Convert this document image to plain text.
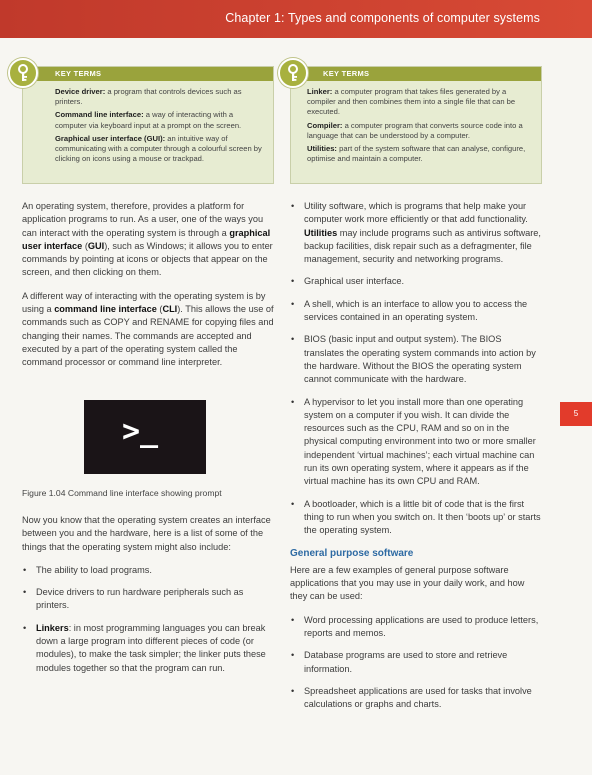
Chapter 1: Types and components of computer systems
KEY TERMS

Device driver: a program that controls devices such as printers.

Command line interface: a way of interacting with a computer via keyboard input at a prompt on the screen.

Graphical user interface (GUI): an intuitive way of communicating with a computer through a colourful screen by clicking on icons using a mouse or trackpad.

KEY TERMS

Linker: a computer program that takes files generated by a compiler and then combines them into a single file that can be executed.

Compiler: a computer program that converts source code into a language that can be understood by a computer.

Utilities: part of the system software that can analyse, configure, optimise and maintain a computer.

An operating system, therefore, provides a platform for application programs to run. As a user, one of the ways you can interact with the operating system is through a graphical user interface (GUI), such as Windows; it allows you to enter commands by pointing at icons or objects that appear on the screen, and then clicking on them.

A different way of interacting with the operating system is by using a command line interface (CLI). This allows the use of commands such as COPY and RENAME for copying files and changing their names. The commands are accepted and executed by a part of the operating system called the command processor or command line interpreter.

>_
Figure 1.04 Command line interface showing prompt

Now you know that the operating system creates an interface between you and the hardware, here is a list of some of the things that the operating system might also include:

• The ability to load programs.
• Device drivers to run hardware peripherals such as printers.
• Linkers: in most programming languages you can break down a large program into different pieces of code (or modules), to make the task simpler; the linker puts these modules together so that the program can run.
• Utility software, which is programs that help make your computer work more efficiently or that add functionality. Utilities may include programs such as antivirus software, backup facilities, disk repair such as a defragmenter, file management, security and networking programs.
• Graphical user interface.
• A shell, which is an interface to allow you to access the services contained in an operating system.
• BIOS (basic input and output system). The BIOS translates the operating system commands into action by the hardware. Without the BIOS the operating system cannot communicate with the hardware.
• A hypervisor to let you install more than one operating system on a computer if you wish. It can divide the resources such as the CPU, RAM and so on in the physical computing environment into two or more smaller independent ‘virtual machines’; each virtual machine can run its own operating system, where it appears as if the virtual machine has its own CPU and RAM.
• A bootloader, which is a little bit of code that is the first thing to run when you switch on. It then ‘boots up’ or starts the operating system.
General purpose software

Here are a few examples of general purpose software applications that you may use in your daily work, and how they can be used:

• Word processing applications are used to produce letters, reports and memos.
• Database programs are used to store and retrieve information.
• Spreadsheet applications are used for tasks that involve calculations or graphs and charts.
5
